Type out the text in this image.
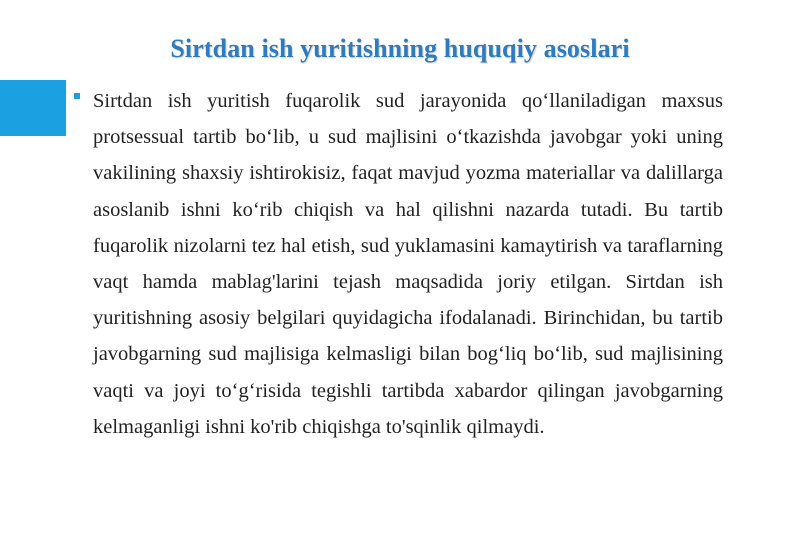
Sirtdan ish yuritishning huquqiy asoslari

Sirtdan ish yuritish fuqarolik sud jarayonida qo‘llaniladigan maxsus protsessual tartib bo‘lib, u sud majlisini o‘tkazishda javobgar yoki uning vakilining shaxsiy ishtirokisiz, faqat mavjud yozma materiallar va dalillarga asoslanib ishni ko‘rib chiqish va hal qilishni nazarda tutadi. Bu tartib fuqarolik nizolarni tez hal etish, sud yuklamasini kamaytirish va taraflarning vaqt hamda mablag'larini tejash maqsadida joriy etilgan. Sirtdan ish yuritishning asosiy belgilari quyidagicha ifodalanadi. Birinchidan, bu tartib javobgarning sud majlisiga kelmasligi bilan bog‘liq bo‘lib, sud majlisining vaqti va joyi to‘g‘risida tegishli tartibda xabardor qilingan javobgarning kelmaganligi ishni ko'rib chiqishga to'sqinlik qilmaydi.
